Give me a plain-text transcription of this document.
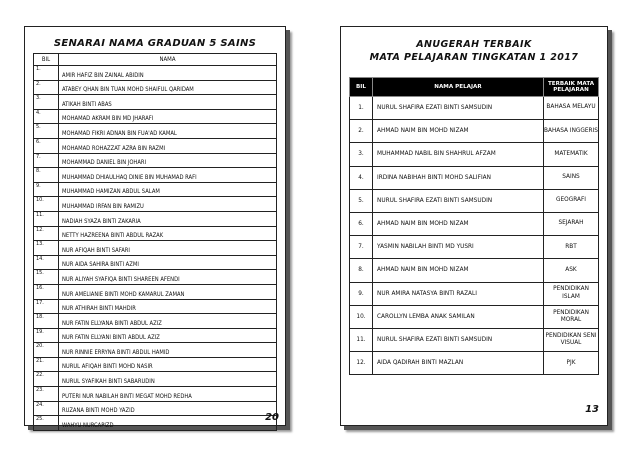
SENARAI NAMA GRADUAN 5 SAINS
BIL	NAMA
1.	AMIR HAFIZ BIN ZAINAL ABIDIN
2.	ATABEY QHAN BIN TUAN MOHD SHAIFUL QARIDAM
3.	ATIKAH BINTI ABAS
4.	MOHAMAD AKRAM BIN MD JHARAFI
5.	MOHAMAD FIKRI ADNAN BIN FUA'AD KAMAL
6.	MOHAMAD ROHAZZAT AZRA BIN RAZMI
7.	MOHAMMAD DANIEL BIN JOHARI
8.	MUHAMMAD DHIAULHAQ DINIE BIN MUHAMAD RAFI
9.	MUHAMMAD HAMIZAN ABDUL SALAM
10.	MUHAMMAD IRFAN BIN RAMIZU
11.	NADIAH SYAZA BINTI ZAKARIA
12.	NETTY HAZREENA BINTI ABDUL RAZAK
13.	NUR AFIQAH BINTI SAFARI
14.	NUR AIDA SAHIRA BINTI AZMI
15.	NUR ALIYAH SYAFIQA BINTI SHAREEN AFENDI
16.	NUR AMELIANIE BINTI MOHD KAMARUL ZAMAN
17.	NUR ATHIRAH BINTI MAHDIR
18.	NUR FATIN ELLYANA BINTI ABDUL AZIZ
19.	NUR FATIN ELLYANI BINTI ABDUL AZIZ
20.	NUR RINNIE ERRYNA BINTI ABDUL HAMID
21.	NURUL AFIQAH BINTI MOHD NASIR
22.	NURUL SYAFIKAH BINTI SABARUDIN
23.	PUTERI NUR NABILAH BINTI MEGAT MOHD REDHA
24.	RUZANA BINTI MOHD YAZID
25.	WAHYU NURCAPIZD
20
ANUGERAH TERBAIK
MATA PELAJARAN TINGKATAN 1 2017
BIL	NAMA PELAJAR	TERBAIK MATA PELAJARAN
1.	NURUL SHAFIRA EZATI BINTI SAMSUDIN	BAHASA MELAYU
2.	AHMAD NAIM BIN MOHD NIZAM	BAHASA INGGERIS
3.	MUHAMMAD NABIL BIN SHAHRUL AFZAM	MATEMATIK
4.	IRDINA NABIHAH BINTI MOHD SALIFIAN	SAINS
5.	NURUL SHAFIRA EZATI BINTI SAMSUDIN	GEOGRAFI
6.	AHMAD NAIM BIN MOHD NIZAM	SEJARAH
7.	YASMIN NABILAH BINTI MD YUSRI	RBT
8.	AHMAD NAIM BIN MOHD NIZAM	ASK
9.	NUR AMIRA NATASYA BINTI RAZALI	PENDIDIKAN ISLAM
10.	CAROLLYN LEMBA ANAK SAMILAN	PENDIDIKAN MORAL
11.	NURUL SHAFIRA EZATI BINTI SAMSUDIN	PENDIDIKAN SENI VISUAL
12.	AIDA QADIRAH BINTI MAZLAN	PJK
13
